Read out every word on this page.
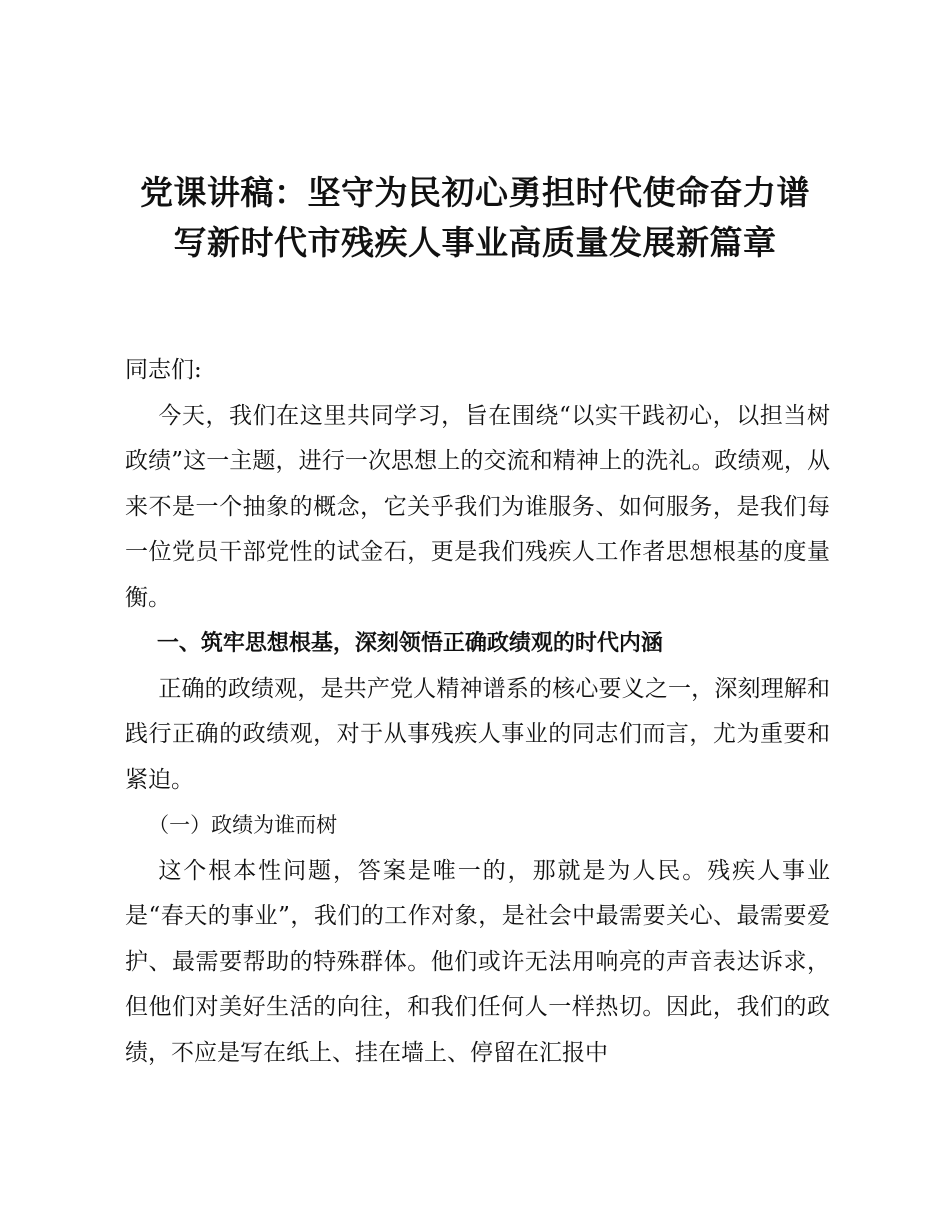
党课讲稿：坚守为民初心勇担时代使命奋力谱
写新时代市残疾人事业高质量发展新篇章

同志们:

今天，我们在这里共同学习，旨在围绕“以实干践初心，以担当树政绩”这一主题，进行一次思想上的交流和精神上的洗礼。政绩观，从来不是一个抽象的概念，它关乎我们为谁服务、如何服务，是我们每一位党员干部党性的试金石，更是我们残疾人工作者思想根基的度量衡。

一、筑牢思想根基，深刻领悟正确政绩观的时代内涵

正确的政绩观，是共产党人精神谱系的核心要义之一，深刻理解和践行正确的政绩观，对于从事残疾人事业的同志们而言，尤为重要和紧迫。

（一）政绩为谁而树

这个根本性问题，答案是唯一的，那就是为人民。残疾人事业是“春天的事业”，我们的工作对象，是社会中最需要关心、最需要爱护、最需要帮助的特殊群体。他们或许无法用响亮的声音表达诉求，但他们对美好生活的向往，和我们任何人一样热切。因此，我们的政绩，不应是写在纸上、挂在墙上、停留在汇报中
